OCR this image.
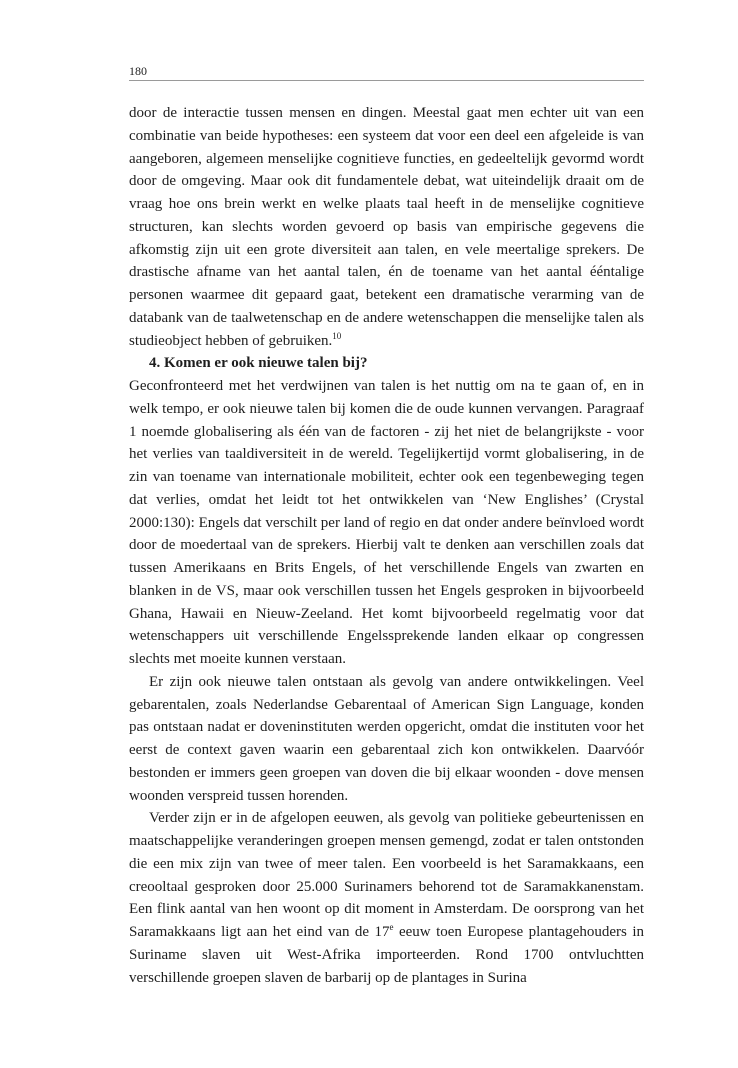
180

door de interactie tussen mensen en dingen. Meestal gaat men echter uit van een combinatie van beide hypotheses: een systeem dat voor een deel een afgeleide is van aangeboren, algemeen menselijke cognitieve functies, en gedeeltelijk gevormd wordt door de omgeving. Maar ook dit fundamentele debat, wat uiteindelijk draait om de vraag hoe ons brein werkt en welke plaats taal heeft in de menselijke cognitieve structuren, kan slechts worden gevoerd op basis van empirische gegevens die afkomstig zijn uit een grote diversiteit aan talen, en vele meertalige sprekers. De drastische afname van het aantal talen, én de toename van het aantal ééntalige personen waarmee dit gepaard gaat, betekent een dramatische verarming van de databank van de taalwetenschap en de andere wetenschappen die menselijke talen als studieobject hebben of gebruiken.$^{10}$

4. Komen er ook nieuwe talen bij?

Geconfronteerd met het verdwijnen van talen is het nuttig om na te gaan of, en in welk tempo, er ook nieuwe talen bij komen die de oude kunnen vervangen. Paragraaf 1 noemde globalisering als één van de factoren - zij het niet de belangrijkste - voor het verlies van taaldiversiteit in de wereld. Tegelijkertijd vormt globalisering, in de zin van toename van internationale mobiliteit, echter ook een tegenbeweging tegen dat verlies, omdat het leidt tot het ontwikkelen van ‘New Englishes’ (Crystal 2000:130): Engels dat verschilt per land of regio en dat onder andere beïnvloed wordt door de moedertaal van de sprekers. Hierbij valt te denken aan verschillen zoals dat tussen Amerikaans en Brits Engels, of het verschillende Engels van zwarten en blanken in de VS, maar ook verschillen tussen het Engels gesproken in bijvoorbeeld Ghana, Hawaii en Nieuw-Zeeland. Het komt bijvoorbeeld regelmatig voor dat wetenschappers uit verschillende Engelssprekende landen elkaar op congressen slechts met moeite kunnen verstaan.

Er zijn ook nieuwe talen ontstaan als gevolg van andere ontwikkelingen. Veel gebarentalen, zoals Nederlandse Gebarentaal of American Sign Language, konden pas ontstaan nadat er doveninstituten werden opgericht, omdat die instituten voor het eerst de context gaven waarin een gebarentaal zich kon ontwikkelen. Daarvóór bestonden er immers geen groepen van doven die bij elkaar woonden - dove mensen woonden verspreid tussen horenden.

Verder zijn er in de afgelopen eeuwen, als gevolg van politieke gebeurtenissen en maatschappelijke veranderingen groepen mensen gemengd, zodat er talen ontstonden die een mix zijn van twee of meer talen. Een voorbeeld is het Saramakkaans, een creooltaal gesproken door 25.000 Surinamers behorend tot de Saramakkanenstam. Een flink aantal van hen woont op dit moment in Amsterdam. De oorsprong van het Saramakkaans ligt aan het eind van de 17e eeuw toen Europese plantagehouders in Suriname slaven uit West-Afrika importeerden. Rond 1700 ontvluchtten verschillende groepen slaven de barbarij op de plantages in Surina
